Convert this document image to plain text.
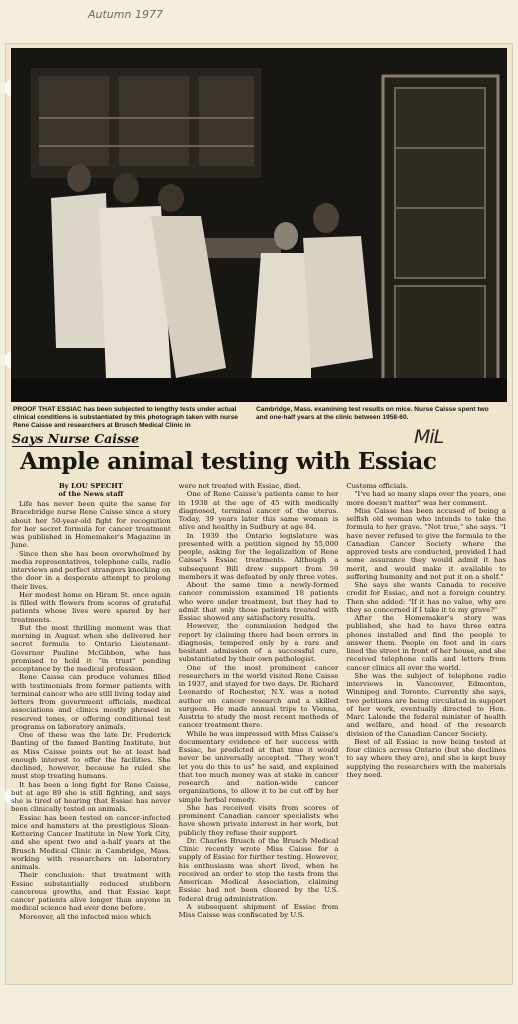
Autumn 1977

PROOF THAT ESSIAC has been subjected to lengthy tests under actual clinical conditions is substantiated by this photograph taken with nurse Rene Caisse and researchers at Brusch Medical Clinic in

Cambridge, Mass. examining test results on mice. Nurse Caisse spent two and one-half years at the clinic between 1958-60.

MiL
Says Nurse Caisse
Ample animal testing with Essiac
By LOU SPECHT
of the News staff

Life has never been quite the same for Bracebridge nurse Rene Caisse since a story about her 50-year-old fight for recognition for her secret formula for cancer treatment was published in Homemaker's Magazine in June.

Since then she has been overwhelmed by media representatives, telephone calls, radio interviews and perfect strangers knocking on the door in a desperate attempt to prolong their lives.

Her modest home on Hiram St. once again is filled with flowers from scores of grateful patients whose lives were spared by her treatments.

But the most thrilling moment was that morning in August when she delivered her secret formula to Ontario Lieutenant-Governor Pauline McGibbon, who has promised to hold it "in trust" pending acceptance by the medical profession.

Rene Caisse can produce volumes filled with testimonials from former patients with terminal cancer who are still living today and letters from government officials, medical associations and clinics mostly phrased in reserved tones, or offering conditional test programs on laboratory animals.

One of these was the late Dr. Frederick Banting of the famed Banting Institute, but as Miss Caisse points out he at least had enough interest to offer the facilities. She declined, however, because he ruled she must stop treating humans.

It has been a long fight for Rene Caisse, but at age 89 she is still fighting, and says she is tired of hearing that Essiac has never been clinically tested on animals.

Essiac has been tested on cancer-infected mice and hamsters at the prestigious Sloan-Kettering Cancer Institute in New York City, and she spent two and a-half years at the Brusch Medical Clinic in Cambridge, Mass. working with researchers on laboratory animals.

Their conclusion: that treatment with Essiac substantially reduced stubborn cancerous growths, and that Essiac kept cancer patients alive longer than anyone in medical science had ever done before.

Moreover, all the infected mice which

were not treated with Essiac, died.

One of Rene Caisse's patients came to her in 1938 at the age of 45 with medically diagnosed, terminal cancer of the uterus. Today, 39 years later this same woman is alive and healthy in Sudbury at age 84.

In 1939 the Ontario legislature was presented with a petition signed by 55,000 people, asking for the legalization of Rene Caisse's Essiac treatments. Although a subsequent Bill drew support from 59 members it was defeated by only three votes.

About the same time a newly-formed cancer commission examined 18 patients who were under treatment, but they had to admit that only those patients treated with Essiac showed any satisfactory results.

However, the commission hedged the report by claiming there had been errors in diagnosis, tempered only by a rare and hesitant admission of a successful cure, substantiated by their own pathologist.

One of the most prominent cancer researchers in the world visited Rene Caisse in 1937, and stayed for two days. Dr. Richard Leonardo of Rochester, N.Y. was a noted author on cancer research and a skilled surgeon. He made annual trips to Vienna, Austria to study the most recent methods of cancer treatment there.

While he was impressed with Miss Caisse's documentary evidence of her success with Essiac, he predicted at that time it would never be universally accepted. "They won't let you do this to us" he said, and explained that too much money was at stake in cancer research and nation-wide cancer organizations, to allow it to be cut off by her simple herbal remedy.

She has received visits from scores of prominent Canadian cancer specialists who have shown private interest in her work, but publicly they refuse their support.

Dr. Charles Brusch of the Brusch Medical Clinic recently wrote Miss Caisse for a supply of Essiac for further testing. However, his enthusiasm was short lived, when he received an order to stop the tests from the American Medical Association, claiming Essiac had not been cleared by the U.S. federal drug administration.

A subsequent shipment of Essiac from Miss Caisse was confiscated by U.S.

Customs officials.

"I've had so many slaps over the years, one more doesn't matter" was her comment.

Miss Caisse has been accused of being a selfish old woman who intends to take the formula to her grave. "Not true," she says. "I have never refused to give the formula to the Canadian Cancer Society where the approved tests are conducted, provided I had some assurance they would admit it has merit, and would make it available to suffering humanity and not put it on a shelf."

She says she wants Canada to receive credit for Essiac, and not a foreign country. Then she added: "If it has no value, why are they so concerned if I take it to my grave?"

After the Homemaker's story was published, she had to have three extra phones installed and find the people to answer them. People on foot and in cars lined the street in front of her house, and she received telephone calls and letters from cancer clinics all over the world.

She was the subject of telephone radio interviews in Vancouver, Edmonton, Winnipeg and Toronto. Currently she says, two petitions are being circulated in support of her work, eventually directed to Hon. Marc Lalonde the federal minister of health and welfare, and head of the research division of the Canadian Cancer Society.

Best of all Essiac is now being tested at four clinics across Ontario (but she declines to say where they are), and she is kept busy supplying the researchers with the materials they need.
